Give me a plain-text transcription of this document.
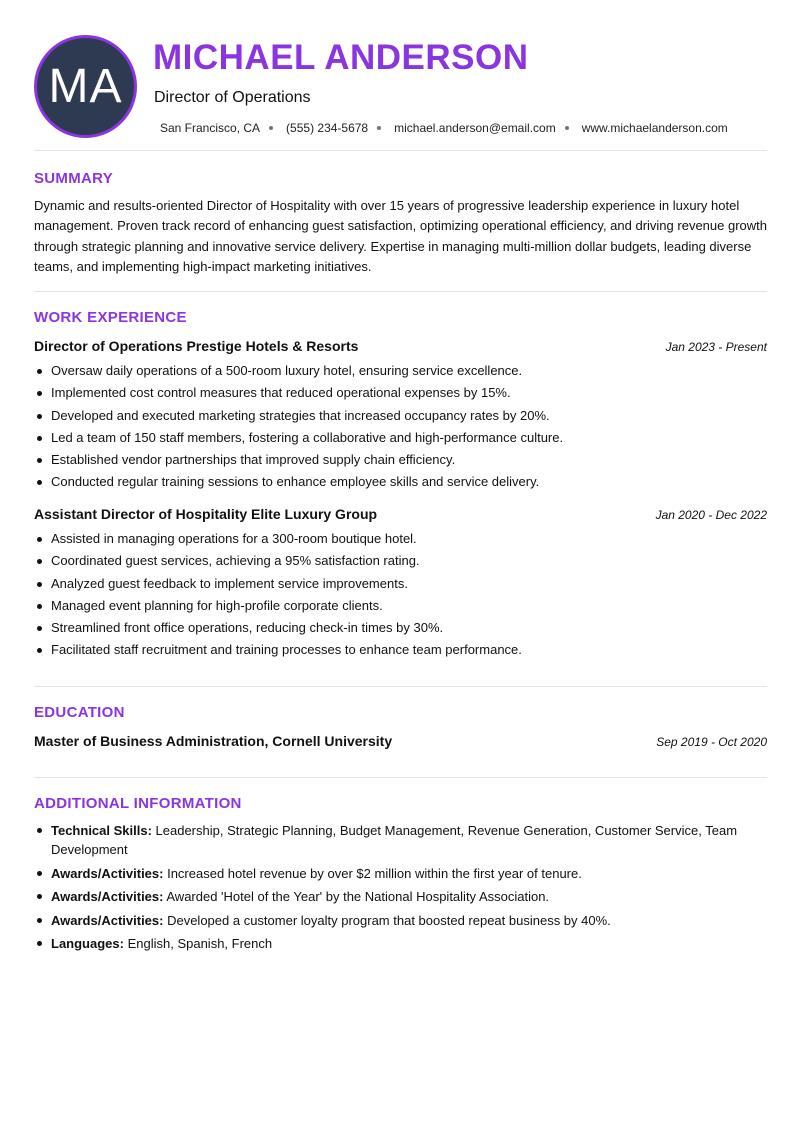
MA
MICHAEL ANDERSON
Director of Operations
San Francisco, CA (555) 234-5678 michael.anderson@email.com www.michaelanderson.com
SUMMARY

Dynamic and results-oriented Director of Hospitality with over 15 years of progressive leadership experience in luxury hotel management. Proven track record of enhancing guest satisfaction, optimizing operational efficiency, and driving revenue growth through strategic planning and innovative service delivery. Expertise in managing multi-million dollar budgets, leading diverse teams, and implementing high-impact marketing initiatives.

WORK EXPERIENCE
Director of Operations Prestige Hotels & Resorts	Jan 2023 - Present
Oversaw daily operations of a 500-room luxury hotel, ensuring service excellence.
Implemented cost control measures that reduced operational expenses by 15%.
Developed and executed marketing strategies that increased occupancy rates by 20%.
Led a team of 150 staff members, fostering a collaborative and high-performance culture.
Established vendor partnerships that improved supply chain efficiency.
Conducted regular training sessions to enhance employee skills and service delivery.
Assistant Director of Hospitality Elite Luxury Group	Jan 2020 - Dec 2022
Assisted in managing operations for a 300-room boutique hotel.
Coordinated guest services, achieving a 95% satisfaction rating.
Analyzed guest feedback to implement service improvements.
Managed event planning for high-profile corporate clients.
Streamlined front office operations, reducing check-in times by 30%.
Facilitated staff recruitment and training processes to enhance team performance.
EDUCATION
Master of Business Administration, Cornell University	Sep 2019 - Oct 2020
ADDITIONAL INFORMATION
Technical Skills: Leadership, Strategic Planning, Budget Management, Revenue Generation, Customer Service, Team Development
Awards/Activities: Increased hotel revenue by over $2 million within the first year of tenure.
Awards/Activities: Awarded 'Hotel of the Year' by the National Hospitality Association.
Awards/Activities: Developed a customer loyalty program that boosted repeat business by 40%.
Languages: English, Spanish, French
